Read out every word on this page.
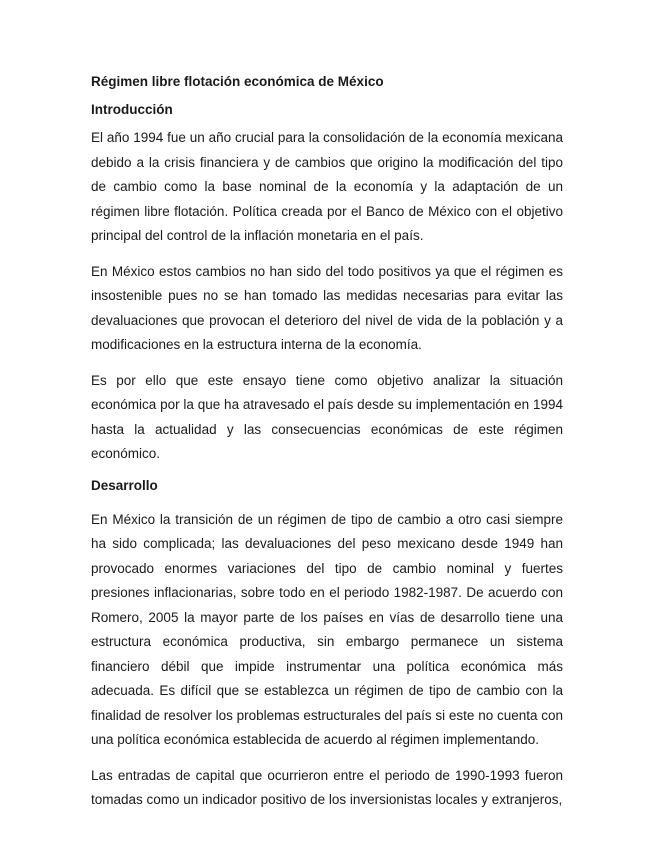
Régimen libre flotación económica de México
Introducción

El año 1994 fue un año crucial para la consolidación de la economía mexicana debido a la crisis financiera y de cambios que origino la modificación del tipo de cambio como la base nominal de la economía y la adaptación de un régimen libre flotación. Política creada por el Banco de México con el objetivo principal del control de la inflación monetaria en el país.

En México estos cambios no han sido del todo positivos ya que el régimen es insostenible pues no se han tomado las medidas necesarias para evitar las devaluaciones que provocan el deterioro del nivel de vida de la población y a modificaciones en la estructura interna de la economía.

Es por ello que este ensayo tiene como objetivo analizar la situación económica por la que ha atravesado el país desde su implementación en 1994 hasta la actualidad y las consecuencias económicas de este régimen económico.

Desarrollo

En México la transición de un régimen de tipo de cambio a otro casi siempre ha sido complicada; las devaluaciones del peso mexicano desde 1949 han provocado enormes variaciones del tipo de cambio nominal y fuertes presiones inflacionarias, sobre todo en el periodo 1982-1987. De acuerdo con Romero, 2005 la mayor parte de los países en vías de desarrollo tiene una estructura económica productiva, sin embargo permanece un sistema financiero débil que impide instrumentar una política económica más adecuada. Es difícil que se establezca un régimen de tipo de cambio con la finalidad de resolver los problemas estructurales del país si este no cuenta con una política económica establecida de acuerdo al régimen implementando.

Las entradas de capital que ocurrieron entre el periodo de 1990-1993 fueron tomadas como un indicador positivo de los inversionistas locales y extranjeros,
